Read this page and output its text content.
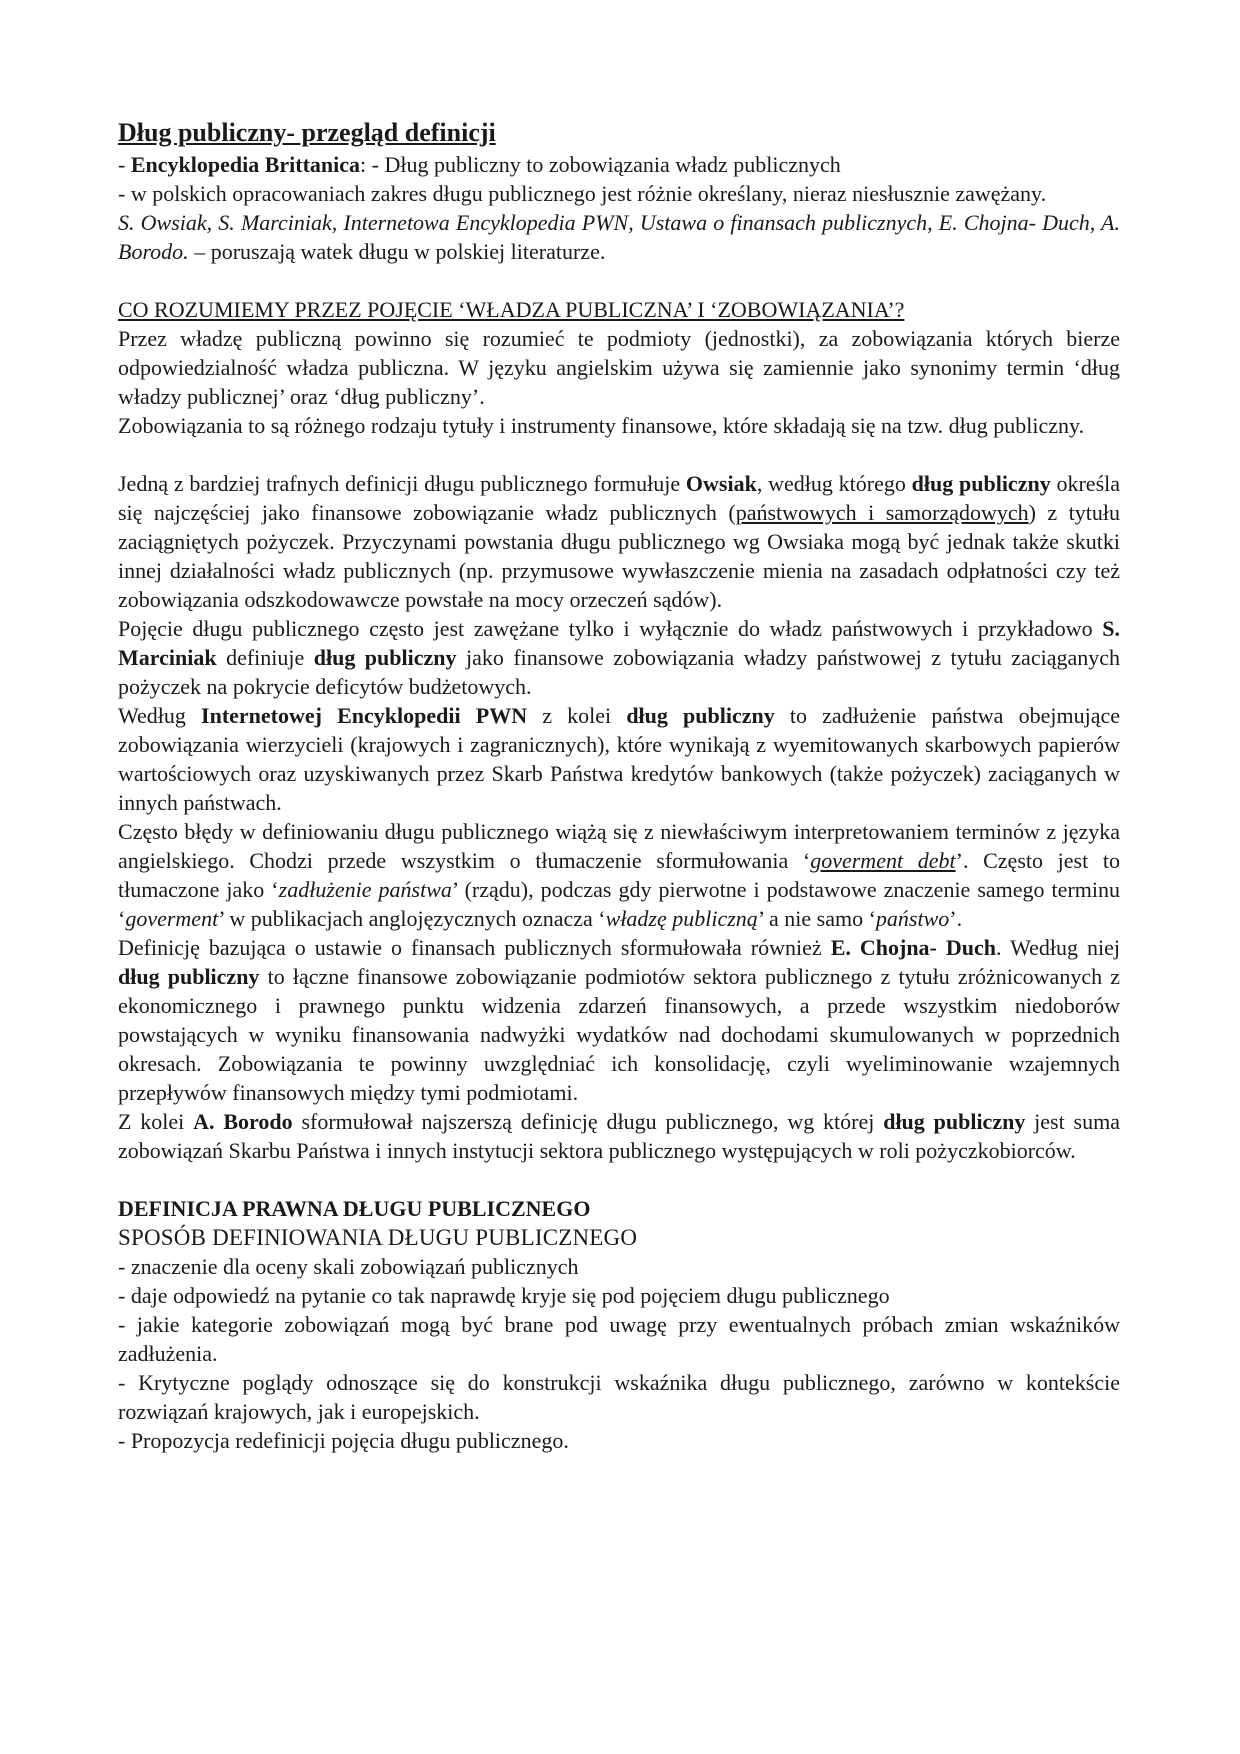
Dług publiczny- przegląd definicji

- Encyklopedia Brittanica: - Dług publiczny to zobowiązania władz publicznych

- w polskich opracowaniach zakres długu publicznego jest różnie określany, nieraz niesłusznie zawężany.

S. Owsiak, S. Marciniak, Internetowa Encyklopedia PWN, Ustawa o finansach publicznych, E. Chojna- Duch, A. Borodo. – poruszają watek długu w polskiej literaturze.

CO ROZUMIEMY PRZEZ POJĘCIE ‘WŁADZA PUBLICZNA’ I ‘ZOBOWIĄZANIA’?

Przez władzę publiczną powinno się rozumieć te podmioty (jednostki), za zobowiązania których bierze odpowiedzialność władza publiczna. W języku angielskim używa się zamiennie jako synonimy termin ‘dług władzy publicznej’ oraz ‘dług publiczny’.

Zobowiązania to są różnego rodzaju tytuły i instrumenty finansowe, które składają się na tzw. dług publiczny.

Jedną z bardziej trafnych definicji długu publicznego formułuje Owsiak, według którego dług publiczny określa się najczęściej jako finansowe zobowiązanie władz publicznych (państwowych i samorządowych) z tytułu zaciągniętych pożyczek. Przyczynami powstania długu publicznego wg Owsiaka mogą być jednak także skutki innej działalności władz publicznych (np. przymusowe wywłaszczenie mienia na zasadach odpłatności czy też zobowiązania odszkodowawcze powstałe na mocy orzeczeń sądów).

Pojęcie długu publicznego często jest zawężane tylko i wyłącznie do władz państwowych i przykładowo S. Marciniak definiuje dług publiczny jako finansowe zobowiązania władzy państwowej z tytułu zaciąganych pożyczek na pokrycie deficytów budżetowych.

Według Internetowej Encyklopedii PWN z kolei dług publiczny to zadłużenie państwa obejmujące zobowiązania wierzycieli (krajowych i zagranicznych), które wynikają z wyemitowanych skarbowych papierów wartościowych oraz uzyskiwanych przez Skarb Państwa kredytów bankowych (także pożyczek) zaciąganych w innych państwach.

Często błędy w definiowaniu długu publicznego wiążą się z niewłaściwym interpretowaniem terminów z języka angielskiego. Chodzi przede wszystkim o tłumaczenie sformułowania ‘goverment debt’. Często jest to tłumaczone jako ‘zadłużenie państwa’ (rządu), podczas gdy pierwotne i podstawowe znaczenie samego terminu ‘goverment’ w publikacjach anglojęzycznych oznacza ‘władzę publiczną’ a nie samo ‘państwo’.

Definicję bazująca o ustawie o finansach publicznych sformułowała również E. Chojna- Duch. Według niej dług publiczny to łączne finansowe zobowiązanie podmiotów sektora publicznego z tytułu zróżnicowanych z ekonomicznego i prawnego punktu widzenia zdarzeń finansowych, a przede wszystkim niedoborów powstających w wyniku finansowania nadwyżki wydatków nad dochodami skumulowanych w poprzednich okresach. Zobowiązania te powinny uwzględniać ich konsolidację, czyli wyeliminowanie wzajemnych przepływów finansowych między tymi podmiotami.

Z kolei A. Borodo sformułował najszerszą definicję długu publicznego, wg której dług publiczny jest suma zobowiązań Skarbu Państwa i innych instytucji sektora publicznego występujących w roli pożyczkobiorców.

DEFINICJA PRAWNA DŁUGU PUBLICZNEGO

SPOSÓB DEFINIOWANIA DŁUGU PUBLICZNEGO

- znaczenie dla oceny skali zobowiązań publicznych

- daje odpowiedź na pytanie co tak naprawdę kryje się pod pojęciem długu publicznego

- jakie kategorie zobowiązań mogą być brane pod uwagę przy ewentualnych próbach zmian wskaźników zadłużenia.

- Krytyczne poglądy odnoszące się do konstrukcji wskaźnika długu publicznego, zarówno w kontekście rozwiązań krajowych, jak i europejskich.

- Propozycja redefinicji pojęcia długu publicznego.
